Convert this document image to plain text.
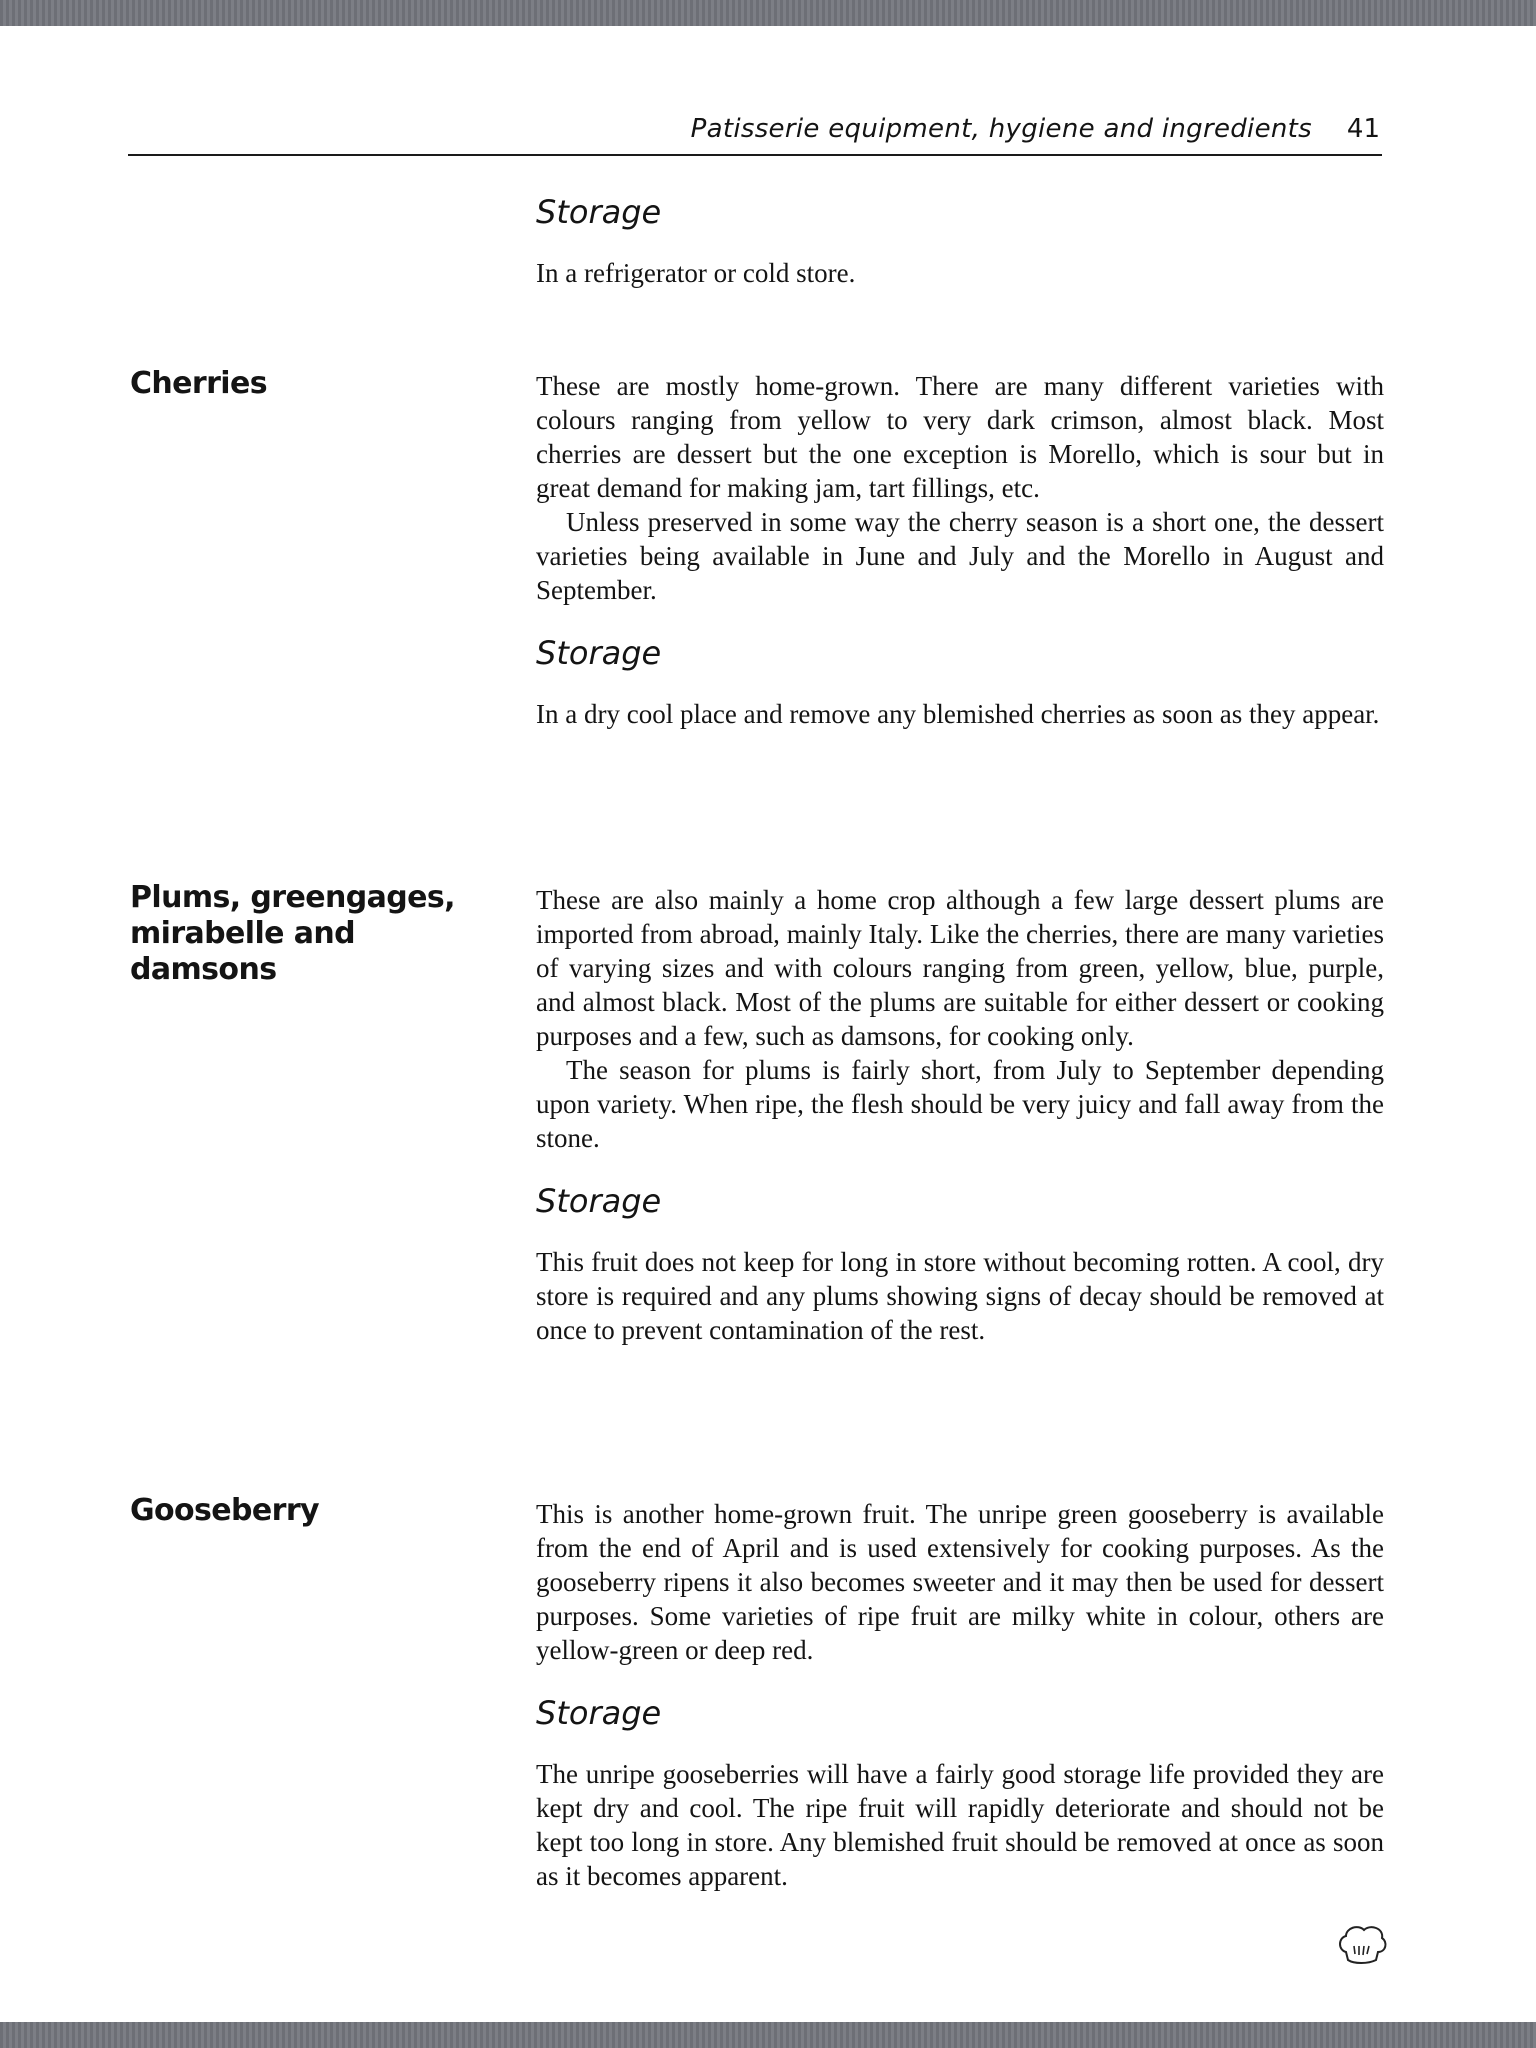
Patisserie equipment, hygiene and ingredients 41

Storage

In a refrigerator or cold store.

Cherries	These are mostly home-grown. There are many different varieties with colours ranging from yellow to very dark crimson, almost black. Most cherries are dessert but the one exception is Morello, which is sour but in great demand for making jam, tart fillings, etc.

Unless preserved in some way the cherry season is a short one, the dessert varieties being available in June and July and the Morello in August and September.

Storage

In a dry cool place and remove any blemished cherries as soon as they appear.

Plums, greengages,
mirabelle and damsons

These are also mainly a home crop although a few large dessert plums are imported from abroad, mainly Italy. Like the cherries, there are many varieties of varying sizes and with colours ranging from green, yellow, blue, purple, and almost black. Most of the plums are suitable for either dessert or cooking purposes and a few, such as damsons, for cooking only.

The season for plums is fairly short, from July to September depending upon variety. When ripe, the flesh should be very juicy and fall away from the stone.

Storage

This fruit does not keep for long in store without becoming rotten. A cool, dry store is required and any plums showing signs of decay should be removed at once to prevent contamination of the rest.

Gooseberry	This is another home-grown fruit. The unripe green gooseberry is available from the end of April and is used extensively for cooking purposes. As the gooseberry ripens it also becomes sweeter and it may then be used for dessert purposes. Some varieties of ripe fruit are milky white in colour, others are yellow-green or deep red.

Storage

The unripe gooseberries will have a fairly good storage life provided they are kept dry and cool. The ripe fruit will rapidly deteriorate and should not be kept too long in store. Any blemished fruit should be removed at once as soon as it becomes apparent.
